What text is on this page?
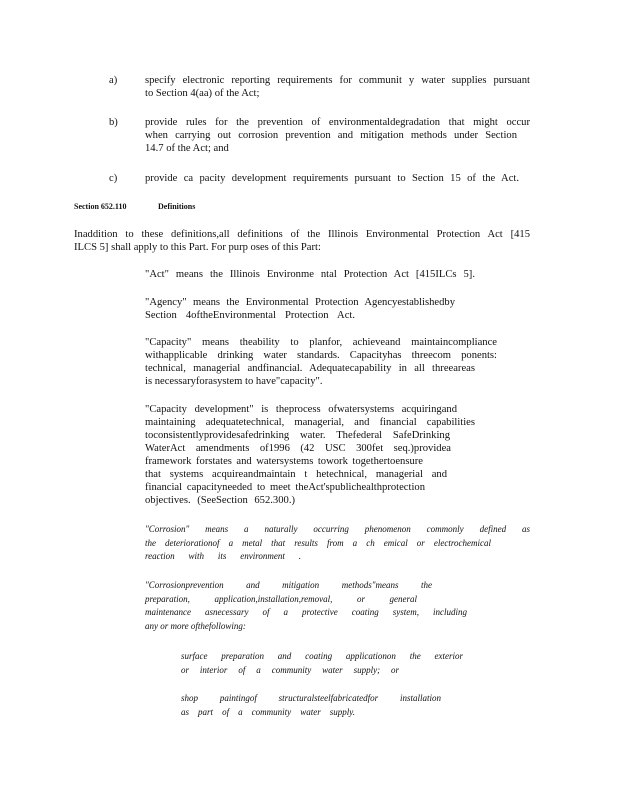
a)	specify electronic reporting requirements for communit y water supplies pursuant
to Section 4(aa) of the Act;
b)	provide rules for the prevention of environmentaldegradation that might occur
when carrying out corrosion prevention and mitigation methods under Section
14.7 of the Act; and
c)	provide ca pacity development requirements pursuant to Section 15 of the Act.
Section 652.110	Definitions
Inaddition to these definitions,all definitions of the Illinois Environmental Protection Act [415
ILCS 5] shall apply to this Part. For purp oses of this Part:
"Act" means the Illinois Environme ntal Protection Act [415ILCs 5].
"Agency" means the Environmental Protection Agencyestablishedby
Section 4oftheEnvironmental Protection Act.
"Capacity" means theability to planfor, achieveand maintaincompliance
withapplicable drinking water standards. Capacityhas threecom ponents:
technical, managerial andfinancial. Adequatecapability in all threeareas
is necessaryforasystem to have"capacity".
"Capacity development" is theprocess ofwatersystems acquiringand
maintaining adequatetechnical, managerial, and financial capabilities
toconsistentlyprovidesafedrinking water. Thefederal SafeDrinking
WaterAct amendments of1996 (42 USC 300fet seq.)providea
framework forstates and watersystems towork togethertoensure
that systems acquireandmaintain t hetechnical, managerial and
financial capacityneeded to meet theAct'spublichealthprotection
objectives. (SeeSection 652.300.)
"Corrosion" means a naturally occurring phenomenon commonly defined as
the deteriorationof a metal that results from a ch emical or electrochemical
reaction with its environment .
"Corrosionprevention and mitigation methods"means the
preparation, application,installation,removal, or general
maintenance asnecessary of a protective coating system, including
any or more ofthefollowing:
surface preparation and coating applicationon the exterior
or interior of a community water supply; or
shop paintingof structuralsteelfabricatedfor installation
as part of a community water supply.
